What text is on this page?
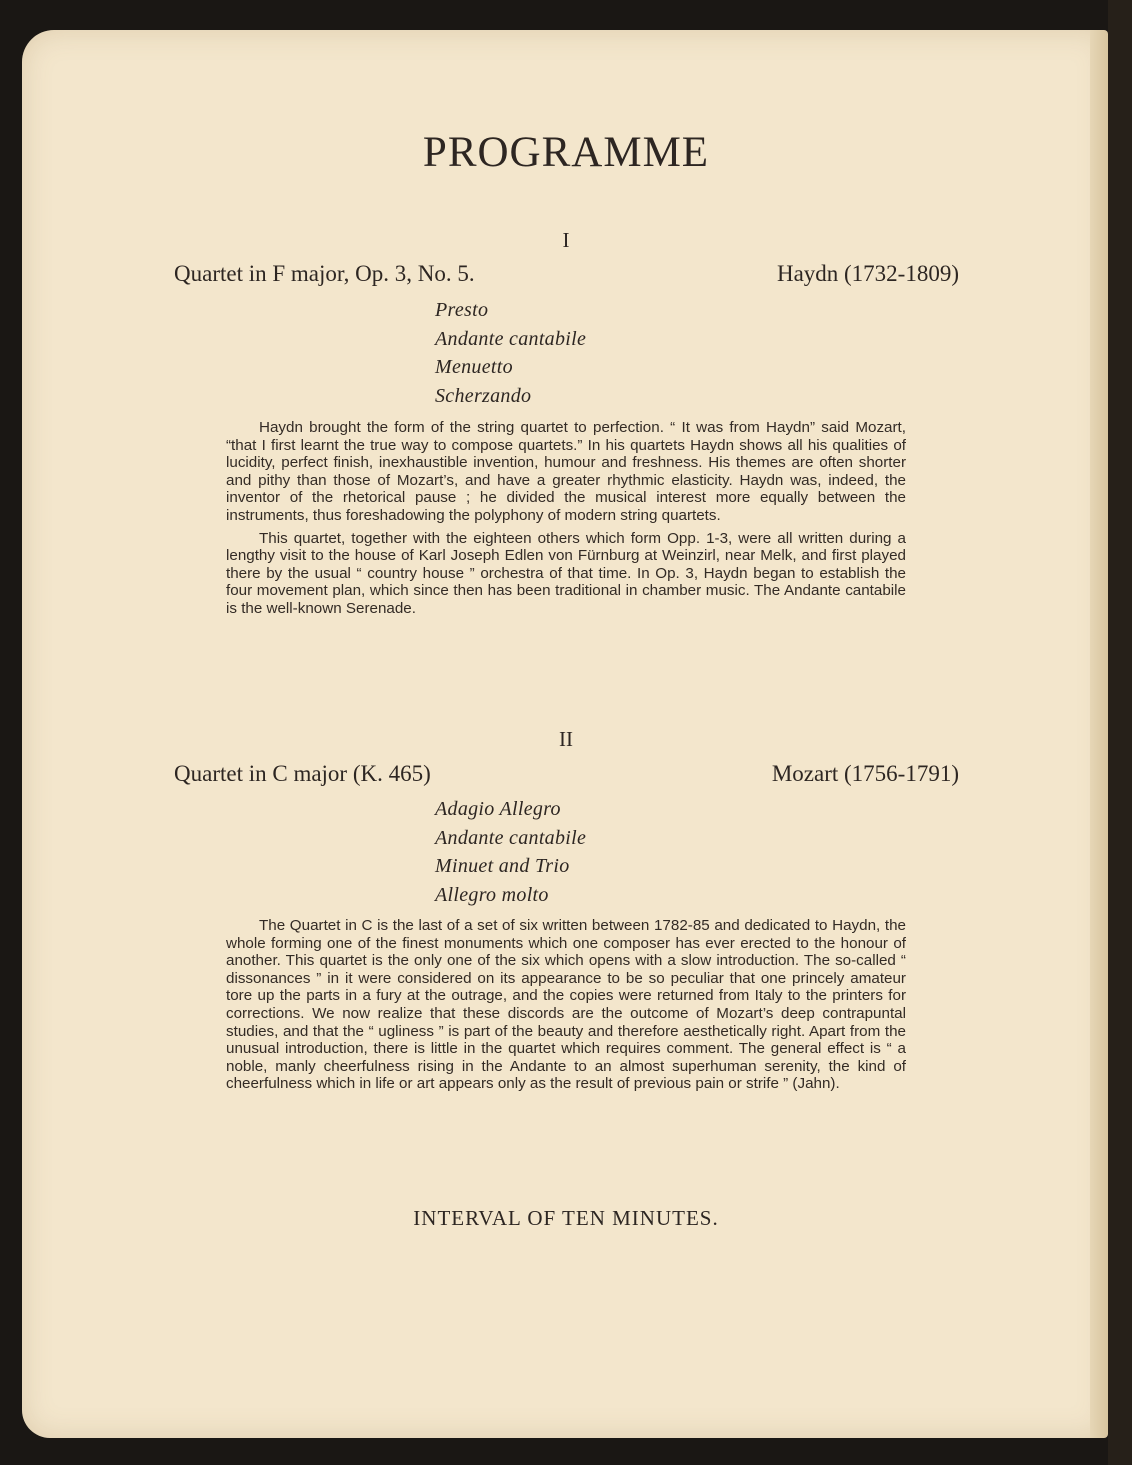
PROGRAMME
I
Quartet in F major, Op. 3, No. 5.	Haydn (1732-1809)
Presto
Andante cantabile
Menuetto
Scherzando

Haydn brought the form of the string quartet to perfection. “ It was from Haydn” said Mozart, “that I first learnt the true way to compose quartets.” In his quartets Haydn shows all his qualities of lucidity, perfect finish, inexhaustible invention, humour and freshness. His themes are often shorter and pithy than those of Mozart’s, and have a greater rhythmic elasticity. Haydn was, indeed, the inventor of the rhetorical pause ; he divided the musical interest more equally between the instruments, thus foreshadowing the polyphony of modern string quartets.

This quartet, together with the eighteen others which form Opp. 1-3, were all written during a lengthy visit to the house of Karl Joseph Edlen von Fürnburg at Weinzirl, near Melk, and first played there by the usual “ country house ” orchestra of that time. In Op. 3, Haydn began to establish the four movement plan, which since then has been traditional in chamber music. The Andante cantabile is the well-known Serenade.

II
Quartet in C major (K. 465)	Mozart (1756-1791)
Adagio Allegro
Andante cantabile
Minuet and Trio
Allegro molto

The Quartet in C is the last of a set of six written between 1782-85 and dedicated to Haydn, the whole forming one of the finest monuments which one composer has ever erected to the honour of another. This quartet is the only one of the six which opens with a slow introduction. The so-called “ dissonances ” in it were considered on its appearance to be so peculiar that one princely amateur tore up the parts in a fury at the outrage, and the copies were returned from Italy to the printers for corrections. We now realize that these discords are the outcome of Mozart’s deep contrapuntal studies, and that the “ ugliness ” is part of the beauty and therefore aesthetically right. Apart from the unusual introduction, there is little in the quartet which requires comment. The general effect is “ a noble, manly cheerfulness rising in the Andante to an almost superhuman serenity, the kind of cheerfulness which in life or art appears only as the result of previous pain or strife ” (Jahn).

INTERVAL OF TEN MINUTES.
